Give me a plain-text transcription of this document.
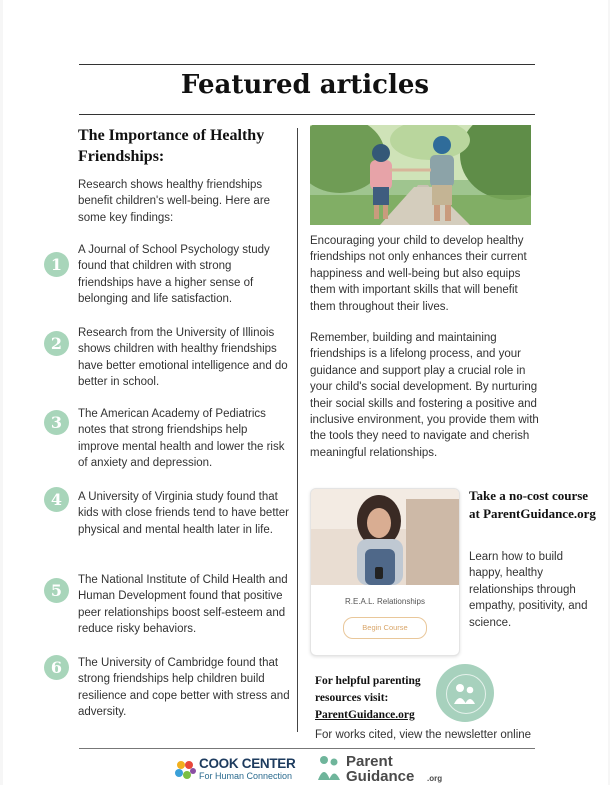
Featured articles
The Importance of Healthy Friendships:
Research shows healthy friendships benefit children's well-being. Here are some key findings:
1
A Journal of School Psychology study found that children with strong friendships have a higher sense of belonging and life satisfaction.
2
Research from the University of Illinois shows children with healthy friendships have better emotional intelligence and do better in school.
3	The American Academy of Pediatrics notes that strong friendships help improve mental health and lower the risk of anxiety and depression.
4	A University of Virginia study found that kids with close friends tend to have better physical and mental health later in life.
5
The National Institute of Child Health and Human Development found that positive peer relationships boost self-esteem and reduce risky behaviors.
6	The University of Cambridge found that strong friendships help children build resilience and cope better with stress and adversity.
Encouraging your child to develop healthy friendships not only enhances their current happiness and well-being but also equips them with important skills that will benefit them throughout their lives.
Remember, building and maintaining friendships is a lifelong process, and your guidance and support play a crucial role in your child's social development. By nurturing their social skills and fostering a positive and inclusive environment, you provide them with the tools they need to navigate and cherish meaningful relationships.
R.E.A.L. Relationships
Begin Course
Take a no-cost course at ParentGuidance.org
Learn how to build happy, healthy relationships through empathy, positivity, and science.
For helpful parenting resources visit:
ParentGuidance.org
For works cited, view the newsletter online
COOK CENTER
For Human Connection
Parent
Guidance .org
